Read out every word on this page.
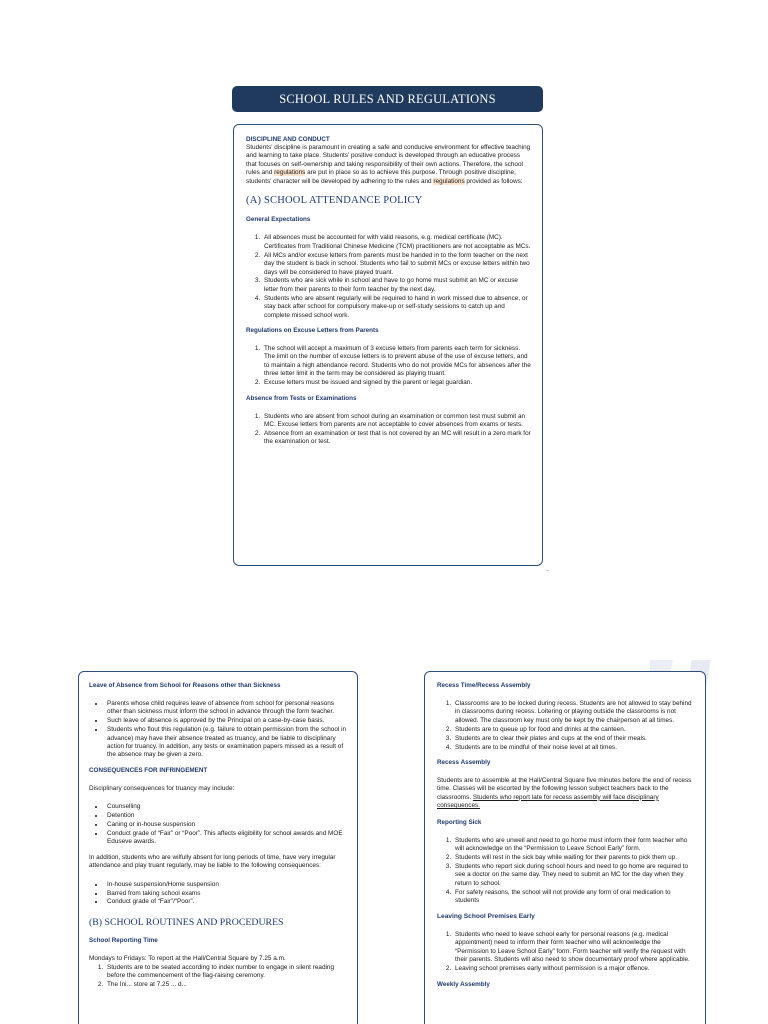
SCHOOL RULES AND REGULATIONS
DISCIPLINE AND CONDUCT
Students' discipline is paramount in creating a safe and conducive environment for effective teaching and learning to take place. Students' positive conduct is developed through an educative process that focuses on self-ownership and taking responsibility of their own actions. Therefore, the school rules and regulations are put in place so as to achieve this purpose. Through positive discipline, students' character will be developed by adhering to the rules and regulations provided as follows:
(A) SCHOOL ATTENDANCE POLICY
General Expectations
1. All absences must be accounted for with valid reasons, e.g. medical certificate (MC). Certificates from Traditional Chinese Medicine (TCM) practitioners are not acceptable as MCs.
2. All MCs and/or excuse letters from parents must be handed in to the form teacher on the next day the student is back in school. Students who fail to submit MCs or excuse letters within two days will be considered to have played truant.
3. Students who are sick while in school and have to go home must submit an MC or excuse letter from their parents to their form teacher by the next day.
4. Students who are absent regularly will be required to hand in work missed due to absence, or stay back after school for compulsory make-up or self-study sessions to catch up and complete missed school work.
Regulations on Excuse Letters from Parents
1. The school will accept a maximum of 3 excuse letters from parents each term for sickness. The limit on the number of excuse letters is to prevent abuse of the use of excuse letters, and to maintain a high attendance record. Students who do not provide MCs for absences after the three letter limit in the term may be considered as playing truant.
2. Excuse letters must be issued and signed by the parent or legal guardian.
Absence from Tests or Examinations
1. Students who are absent from school during an examination or common test must submit an MC. Excuse letters from parents are not acceptable to cover absences from exams or tests.
2. Absence from an examination or test that is not covered by an MC will result in a zero mark for the examination or test.
Leave of Absence from School for Reasons other than Sickness
• Parents whose child requires leave of absence from school for personal reasons other than sickness must inform the school in advance through the form teacher.
• Such leave of absence is approved by the Principal on a case-by-case basis.
• Students who flout this regulation (e.g. failure to obtain permission from the school in advance) may have their absence treated as truancy, and be liable to disciplinary action for truancy. In addition, any tests or examination papers missed as a result of the absence may be given a zero.
CONSEQUENCES FOR INFRINGEMENT
Disciplinary consequences for truancy may include:
• Counselling
• Detention
• Caning or in-house suspension
• Conduct grade of “Fair” or “Poor”. This affects eligibility for school awards and MOE Eduseve awards.
In addition, students who are wilfully absent for long periods of time, have very irregular attendance and play truant regularly, may be liable to the following consequences:
• In-house suspension/Home suspension
• Barred from taking school exams
• Conduct grade of “Fair”/“Poor”.
(B) SCHOOL ROUTINES AND PROCEDURES
School Reporting Time
Mondays to Fridays: To report at the Hall/Central Square by 7.25 a.m.
1. Students are to be seated according to index number to engage in silent reading before the commencement of the flag-raising ceremony.
2. The Ini... store at 7.25 ... d...
Recess Time/Recess Assembly
1. Classrooms are to be locked during recess. Students are not allowed to stay behind in classrooms during recess. Loitering or playing outside the classrooms is not allowed. The classroom key must only be kept by the chairperson at all times.
2. Students are to queue up for food and drinks at the canteen.
3. Students are to clear their plates and cups at the end of their meals.
4. Students are to be mindful of their noise level at all times.
Recess Assembly
Students are to assemble at the Hall/Central Square five minutes before the end of recess time. Classes will be escorted by the following lesson subject teachers back to the classrooms. Students who report late for recess assembly will face disciplinary consequences.
Reporting Sick
1. Students who are unwell and need to go home must inform their form teacher who will acknowledge on the “Permission to Leave School Early” form.
2. Students will rest in the sick bay while waiting for their parents to pick them up.
3. Students who report sick during school hours and need to go home are required to see a doctor on the same day. They need to submit an MC for the day when they return to school.
4. For safety reasons, the school will not provide any form of oral medication to students
Leaving School Premises Early
1. Students who need to leave school early for personal reasons (e.g. medical appointment) need to inform their form teacher who will acknowledge the “Permission to Leave School Early” form. Form teacher will verify the request with their parents. Students will also need to show documentary proof where applicable.
2. Leaving school premises early without permission is a major offence.
Weekly Assembly
